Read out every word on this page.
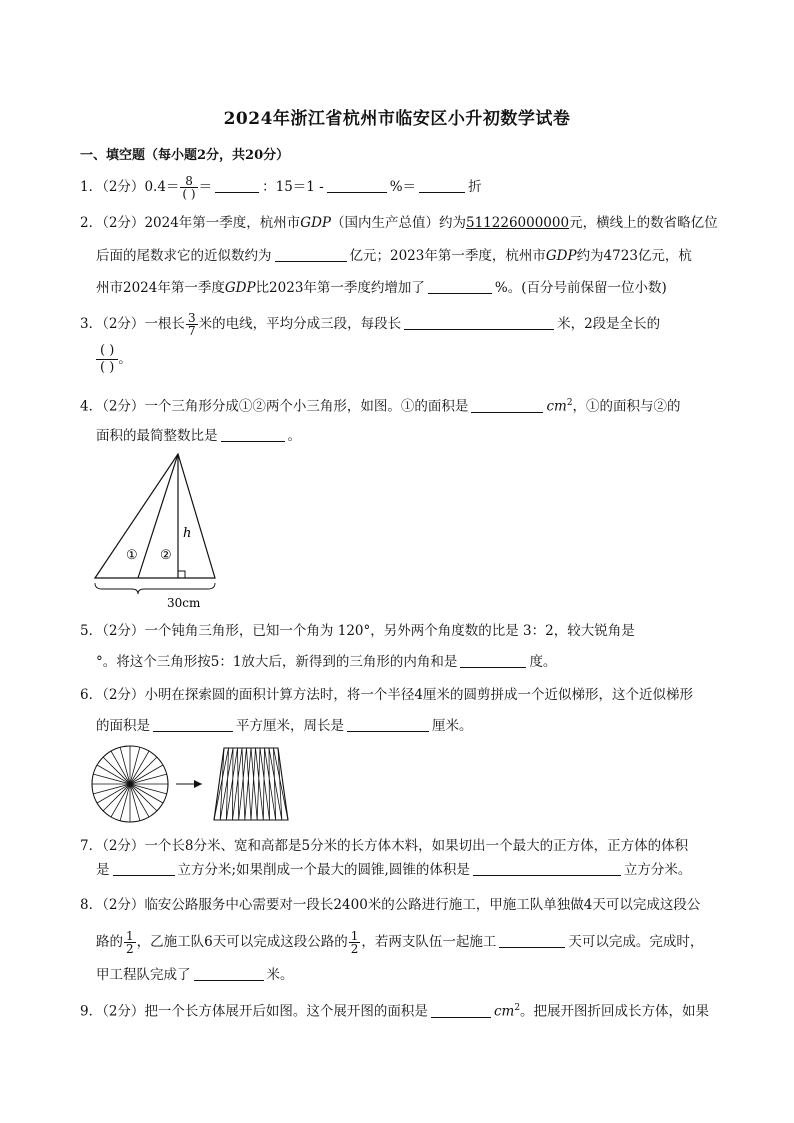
2024年浙江省杭州市临安区小升初数学试卷
一、填空题（每小题2分，共20分）
1．（2分）$0.4= \frac{8}{( )}$ ＝	：15＝1 -	%＝	折
2．（2分）2024年第一季度，杭州市GDP（国内生产总值）约为511226000000元，横线上的数省略亿位
后面的尾数求它的近似数约为	亿元；2023年第一季度，杭州市GDP约为4723亿元，杭
州市2024年第一季度GDP比2023年第一季度约增加了	%。(百分号前保留一位小数)
3．（2分）一根长 $\frac{3}{7}$ 米的电线，平均分成三段，每段长	米，2段是全长的
( )
( )
。
4．（2分）一个三角形分成①②两个小三角形，如图。①的面积是	$cm^2$，①的面积与②的
面积的最简整数比是	。
① ②
h
30cm
5．（2分）一个钝角三角形，已知一个角为 120°，另外两个角度数的比是 3：2，较大锐角是
°。将这个三角形按5：1放大后，新得到的三角形的内角和是	度。
6．（2分）小明在探索圆的面积计算方法时，将一个半径4厘米的圆剪拼成一个近似梯形，这个近似梯形
的面积是	平方厘米，周长是	厘米。
7．（2分）一个长8分米、宽和高都是5分米的长方体木料，如果切出一个最大的正方体，正方体的体积
是	立方分米;如果削成一个最大的圆锥,圆锥的体积是	立方分米。
8．（2分）临安公路服务中心需要对一段长2400米的公路进行施工，甲施工队单独做4天可以完成这段公
路的 $\frac{1}{2}$ ，乙施工队6天可以完成这段公路的 $\frac{1}{2}$ ，若两支队伍一起施工	天可以完成。完成时，
甲工程队完成了	米。
9．（2分）把一个长方体展开后如图。这个展开图的面积是	$cm^2$。把展开图折回成长方体，如果
